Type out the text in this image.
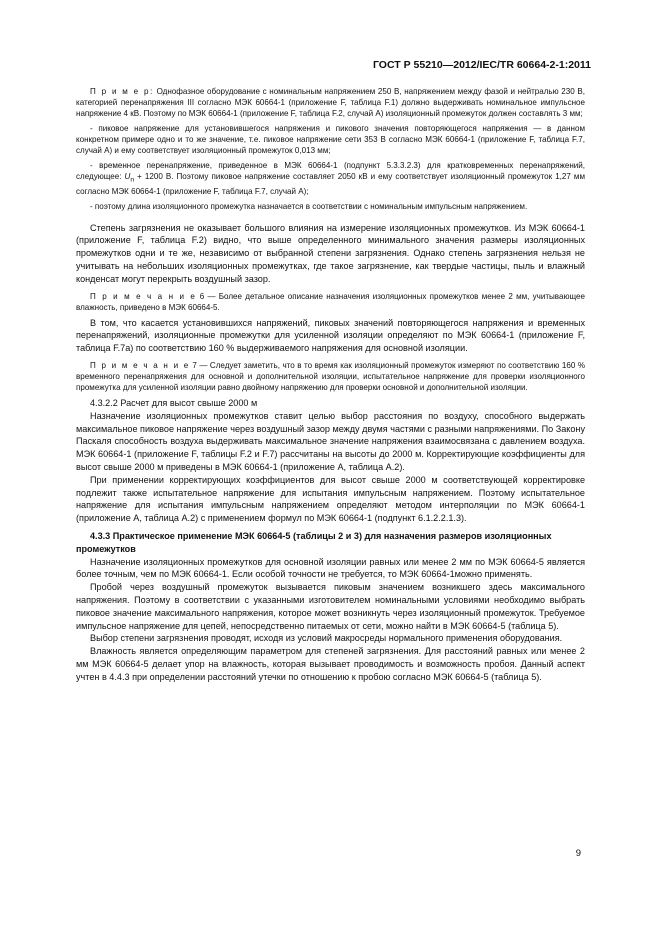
ГОСТ Р 55210—2012/IEC/TR 60664-2-1:2011

П р и м е р: Однофазное оборудование с номинальным напряжением 250 В, напряжением между фазой и нейтралью 230 В, категорией перенапряжения III согласно МЭК 60664-1 (приложение F, таблица F.1) должно выдерживать номинальное импульсное напряжение 4 кВ. Поэтому по МЭК 60664-1 (приложение F, таблица F.2, случай А) изоляционный промежуток должен составлять 3 мм;

- пиковое напряжение для установившегося напряжения и пикового значения повторяющегося напряжения — в данном конкретном примере одно и то же значение, т.е. пиковое напряжение сети 353 В согласно МЭК 60664-1 (приложение F, таблица F.7, случай А) и ему соответствует изоляционный промежуток 0,013 мм;

- временное перенапряжение, приведенное в МЭК 60664-1 (подпункт 5.3.3.2.3) для кратковременных перенапряжений, следующее: $U_n + 1200$ В. Поэтому пиковое напряжение составляет 2050 кВ и ему соответствует изоляционный промежуток 1,27 мм согласно МЭК 60664-1 (приложение F, таблица F.7, случай А);

- поэтому длина изоляционного промежутка назначается в соответствии с номинальным импульсным напряжением.

Степень загрязнения не оказывает большого влияния на измерение изоляционных промежутков. Из МЭК 60664-1 (приложение F, таблица F.2) видно, что выше определенного минимального значения размеры изоляционных промежутков одни и те же, независимо от выбранной степени загрязнения. Однако степень загрязнения нельзя не учитывать на небольших изоляционных промежутках, где такое загрязнение, как твердые частицы, пыль и влажный конденсат могут перекрыть воздушный зазор.

П р и м е ч а н и е 6 — Более детальное описание назначения изоляционных промежутков менее 2 мм, учитывающее влажность, приведено в МЭК 60664-5.

В том, что касается установившихся напряжений, пиковых значений повторяющегося напряжения и временных перенапряжений, изоляционные промежутки для усиленной изоляции определяют по МЭК 60664-1 (приложение F, таблица F.7a) по соответствию 160 % выдерживаемого напряжения для основной изоляции.

П р и м е ч а н и е 7 — Следует заметить, что в то время как изоляционный промежуток измеряют по соответствию 160 % временного перенапряжения для основной и дополнительной изоляции, испытательное напряжение для проверки изоляционного промежутка для усиленной изоляции равно двойному напряжению для проверки основной и дополнительной изоляции.

4.3.2.2 Расчет для высот свыше 2000 м

Назначение изоляционных промежутков ставит целью выбор расстояния по воздуху, способного выдержать максимальное пиковое напряжение через воздушный зазор между двумя частями с разными напряжениями. По Закону Паскаля способность воздуха выдерживать максимальное значение напряжения взаимосвязана с давлением воздуха. МЭК 60664-1 (приложение F, таблицы F.2 и F.7) рассчитаны на высоты до 2000 м. Корректирующие коэффициенты для высот свыше 2000 м приведены в МЭК 60664-1 (приложение А, таблица А.2).

При применении корректирующих коэффициентов для высот свыше 2000 м соответствующей корректировке подлежит также испытательное напряжение для испытания импульсным напряжением. Поэтому испытательное напряжение для испытания импульсным напряжением определяют методом интерполяции по МЭК 60664-1 (приложение А, таблица А.2) с применением формул по МЭК 60664-1 (подпункт 6.1.2.2.1.3).

4.3.3 Практическое применение МЭК 60664-5 (таблицы 2 и 3) для назначения размеров изоляционных промежутков

Назначение изоляционных промежутков для основной изоляции равных или менее 2 мм по МЭК 60664-5 является более точным, чем по МЭК 60664-1. Если особой точности не требуется, то МЭК 60664-1можно применять.

Пробой через воздушный промежуток вызывается пиковым значением возникшего здесь максимального напряжения. Поэтому в соответствии с указанными изготовителем номинальными условиями необходимо выбрать пиковое значение максимального напряжения, которое может возникнуть через изоляционный промежуток. Требуемое импульсное напряжение для цепей, непосредственно питаемых от сети, можно найти в МЭК 60664-5 (таблица 5).

Выбор степени загрязнения проводят, исходя из условий макросреды нормального применения оборудования.

Влажность является определяющим параметром для степеней загрязнения. Для расстояний равных или менее 2 мм МЭК 60664-5 делает упор на влажность, которая вызывает проводимость и возможность пробоя. Данный аспект учтен в 4.4.3 при определении расстояний утечки по отношению к пробою согласно МЭК 60664-5 (таблица 5).

9
